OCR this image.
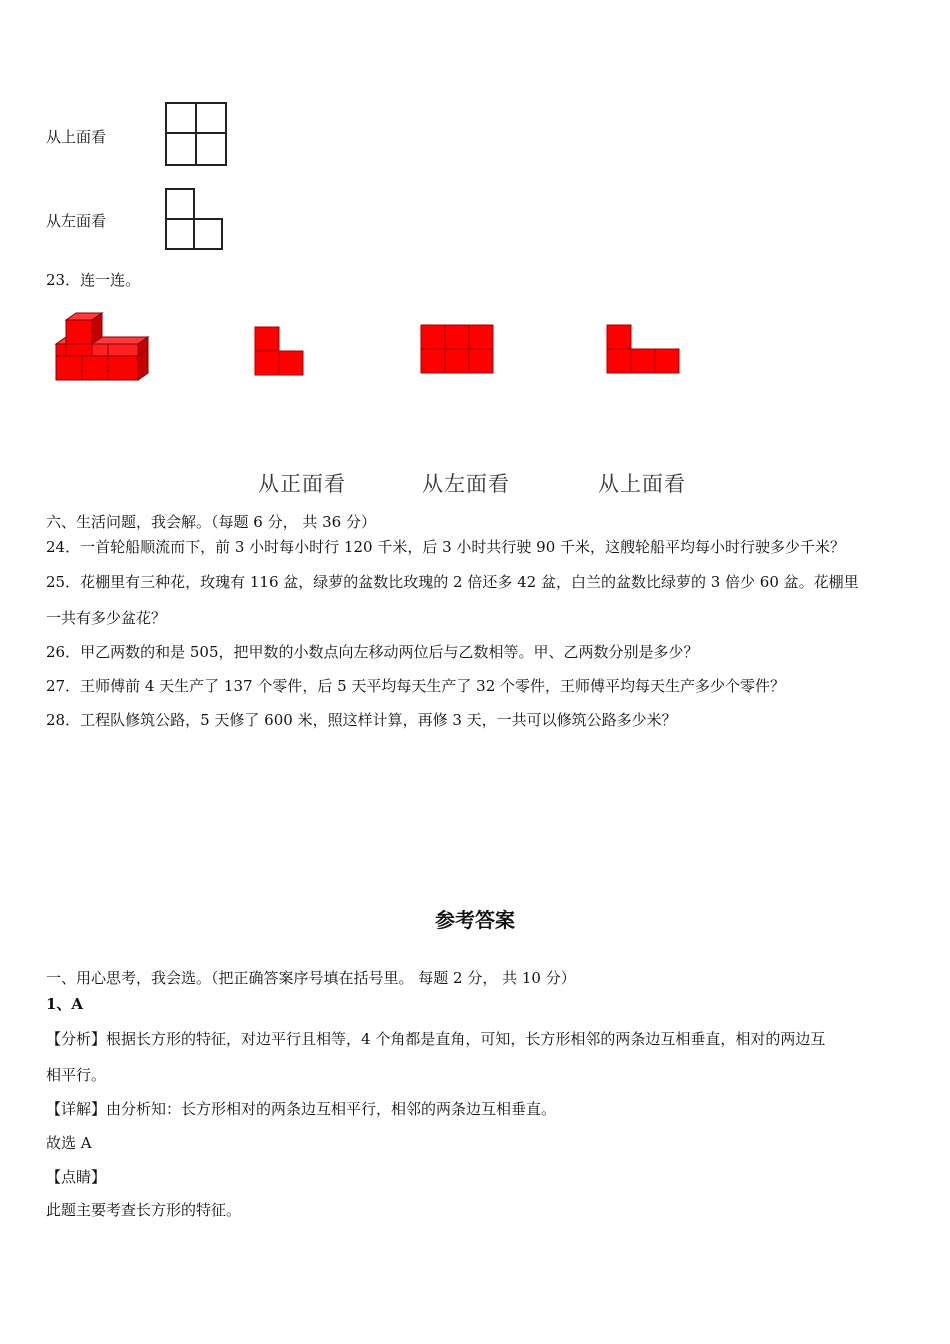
从上面看
从左面看
23．连一连。
从正面看	从左面看	从上面看
六、生活问题，我会解。（每题 6 分， 共 36 分）
24．一首轮船顺流而下，前 3 小时每小时行 120 千米，后 3 小时共行驶 90 千米，这艘轮船平均每小时行驶多少千米？
25．花棚里有三种花，玫瑰有 116 盆，绿萝的盆数比玫瑰的 2 倍还多 42 盆，白兰的盆数比绿萝的 3 倍少 60 盆。花棚里
一共有多少盆花？
26．甲乙两数的和是 505，把甲数的小数点向左移动两位后与乙数相等。甲、乙两数分别是多少？
27．王师傅前 4 天生产了 137 个零件，后 5 天平均每天生产了 32 个零件，王师傅平均每天生产多少个零件？
28．工程队修筑公路，5 天修了 600 米，照这样计算，再修 3 天，一共可以修筑公路多少米？
参考答案
一、用心思考，我会选。（把正确答案序号填在括号里。 每题 2 分， 共 10 分）
1、A
【分析】根据长方形的特征，对边平行且相等，4 个角都是直角，可知，长方形相邻的两条边互相垂直，相对的两边互
相平行。
【详解】由分析知：长方形相对的两条边互相平行，相邻的两条边互相垂直。
故选 A
【点睛】
此题主要考查长方形的特征。
